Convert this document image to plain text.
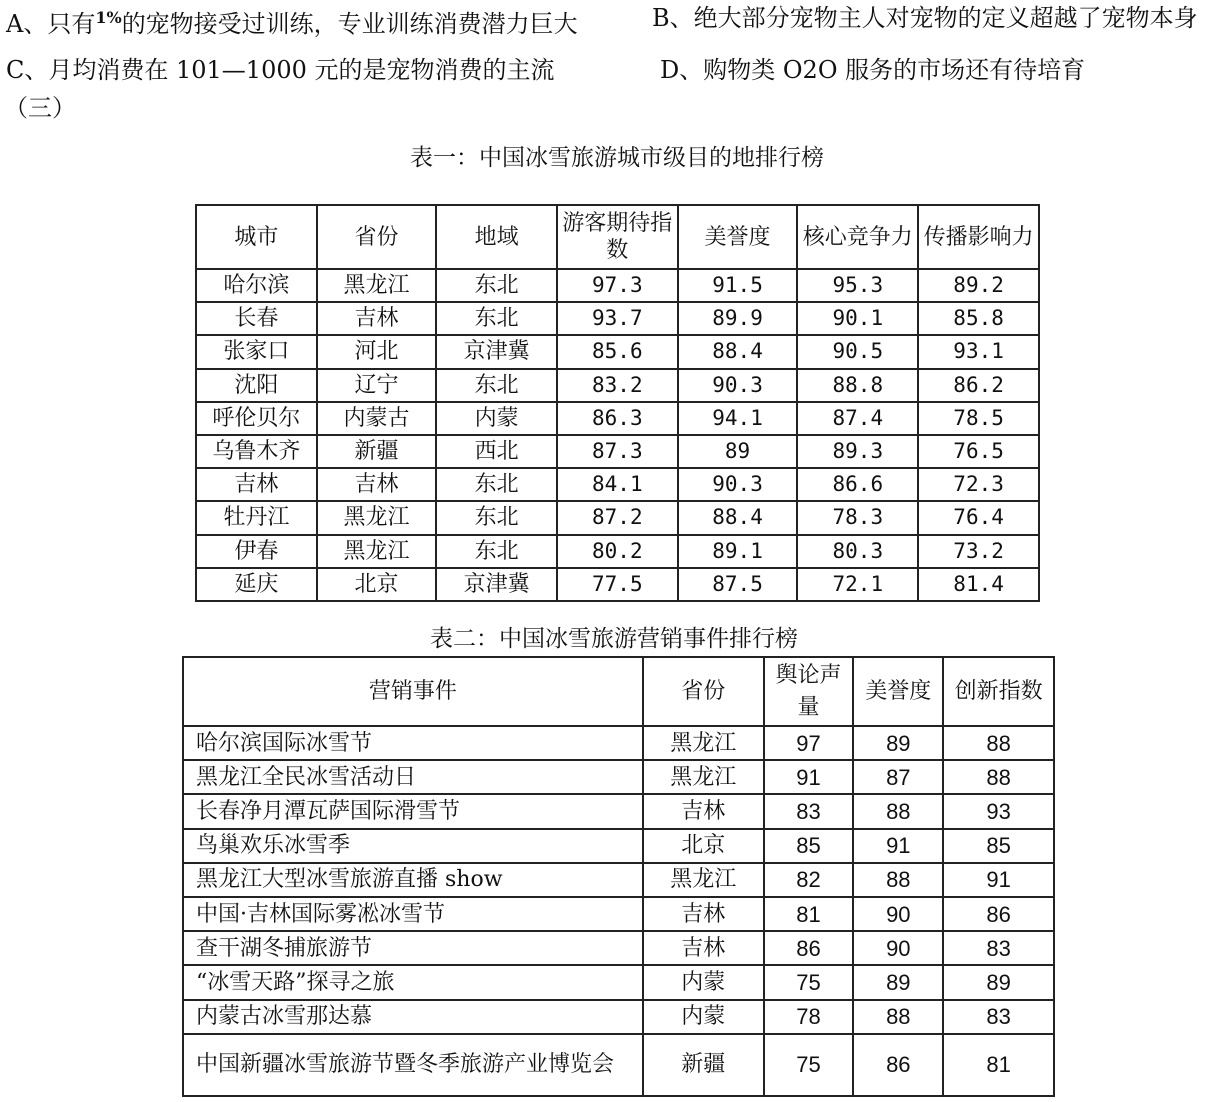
A、只有$^{1\%}$的宠物接受过训练，专业训练消费潜力巨大	B、绝大部分宠物主人对宠物的定义超越了宠物本身
C、月均消费在 101—1000 元的是宠物消费的主流	D、购物类 O2O 服务的市场还有待培育
（三）
表一：中国冰雪旅游城市级目的地排行榜
城市	省份	地域	游客期待指数	美誉度	核心竞争力	传播影响力
哈尔滨	黑龙江	东北	97.3	91.5	95.3	89.2
长春	吉林	东北	93.7	89.9	90.1	85.8
张家口	河北	京津冀	85.6	88.4	90.5	93.1
沈阳	辽宁	东北	83.2	90.3	88.8	86.2
呼伦贝尔	内蒙古	内蒙	86.3	94.1	87.4	78.5
乌鲁木齐	新疆	西北	87.3	89	89.3	76.5
吉林	吉林	东北	84.1	90.3	86.6	72.3
牡丹江	黑龙江	东北	87.2	88.4	78.3	76.4
伊春	黑龙江	东北	80.2	89.1	80.3	73.2
延庆	北京	京津冀	77.5	87.5	72.1	81.4
表二：中国冰雪旅游营销事件排行榜
营销事件	省份	舆论声量	美誉度	创新指数
哈尔滨国际冰雪节	黑龙江	97	89	88
黑龙江全民冰雪活动日	黑龙江	91	87	88
长春净月潭瓦萨国际滑雪节	吉林	83	88	93
鸟巢欢乐冰雪季	北京	85	91	85
黑龙江大型冰雪旅游直播 show	黑龙江	82	88	91
中国·吉林国际雾凇冰雪节	吉林	81	90	86
查干湖冬捕旅游节	吉林	86	90	83
“冰雪天路”探寻之旅	内蒙	75	89	89
内蒙古冰雪那达慕	内蒙	78	88	83
中国新疆冰雪旅游节暨冬季旅游产业博览会	新疆	75	86	81
